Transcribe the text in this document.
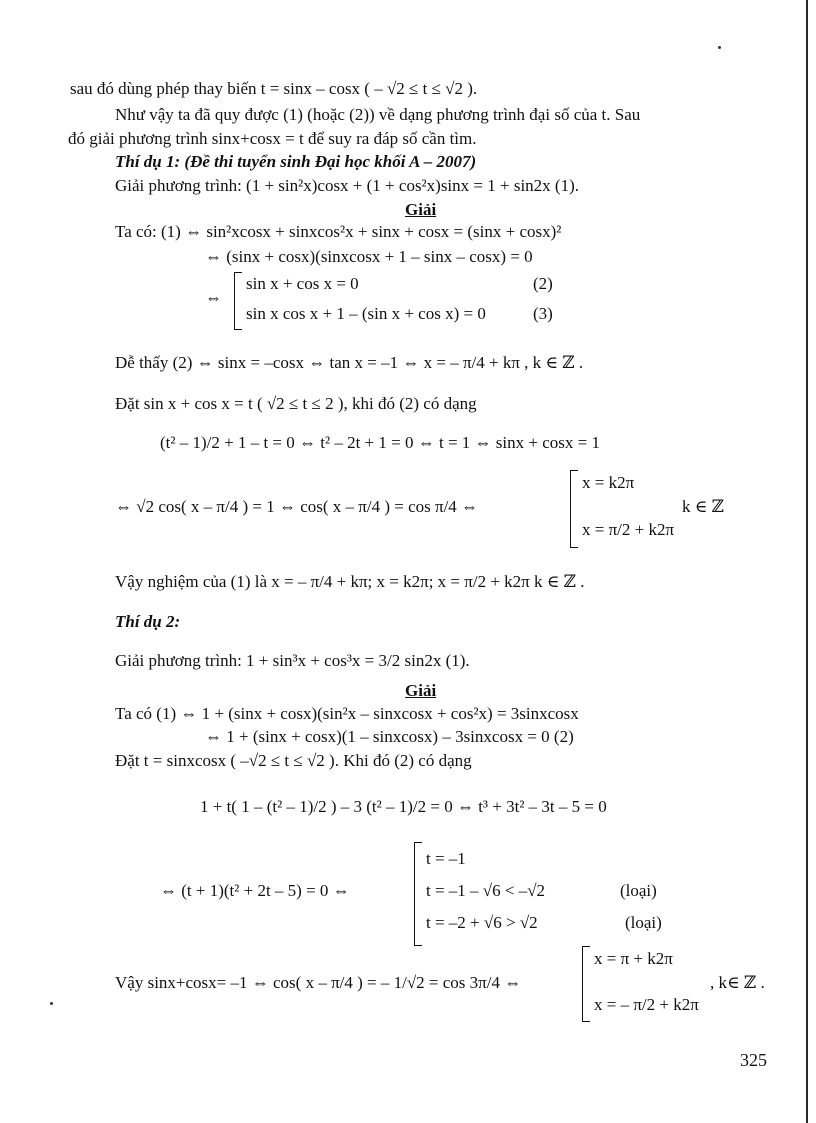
sau đó dùng phép thay biến t = sinx – cosx ( – √2 ≤ t ≤ √2 ).
Như vậy ta đã quy được (1) (hoặc (2)) về dạng phương trình đại số của t. Sau
đó giải phương trình sinx+cosx = t để suy ra đáp số cần tìm.
Thí dụ 1: (Đề thi tuyển sinh Đại học khối A – 2007)
Giải phương trình: (1 + sin²x)cosx + (1 + cos²x)sinx = 1 + sin2x (1).
Giải
Ta có: (1) ⇔ sin²xcosx + sinxcos²x + sinx + cosx = (sinx + cosx)²
⇔ (sinx + cosx)(sinxcosx + 1 – sinx – cosx) = 0
⇔
sin x + cos x = 0	(2)
sin x cos x + 1 – (sin x + cos x) = 0	(3)
Dễ thấy (2) ⇔ sinx = –cosx ⇔ tan x = –1 ⇔ x = – π/4 + kπ , k ∈ ℤ .
Đặt sin x + cos x = t ( √2 ≤ t ≤ 2 ), khi đó (2) có dạng
(t² – 1)/2 + 1 – t = 0 ⇔ t² – 2t + 1 = 0 ⇔ t = 1 ⇔ sinx + cosx = 1
⇔ √2 cos( x – π/4 ) = 1 ⇔ cos( x – π/4 ) = cos π/4 ⇔
x = k2π
x = π/2 + k2π
k ∈ ℤ
Vậy nghiệm của (1) là x = – π/4 + kπ; x = k2π; x = π/2 + k2π k ∈ ℤ .
Thí dụ 2:
Giải phương trình: 1 + sin³x + cos³x = 3/2 sin2x (1).
Giải
Ta có (1) ⇔ 1 + (sinx + cosx)(sin²x – sinxcosx + cos²x) = 3sinxcosx
⇔ 1 + (sinx + cosx)(1 – sinxcosx) – 3sinxcosx = 0 (2)
Đặt t = sinxcosx ( –√2 ≤ t ≤ √2 ). Khi đó (2) có dạng
1 + t( 1 – (t² – 1)/2 ) – 3 (t² – 1)/2 = 0 ⇔ t³ + 3t² – 3t – 5 = 0
⇔ (t + 1)(t² + 2t – 5) = 0 ⇔
t = –1
t = –1 – √6 < –√2	(loại)
t = –2 + √6 > √2	(loại)
Vậy sinx+cosx= –1 ⇔ cos( x – π/4 ) = – 1/√2 = cos 3π/4 ⇔
x = π + k2π
x = – π/2 + k2π
, k∈ ℤ .
325
